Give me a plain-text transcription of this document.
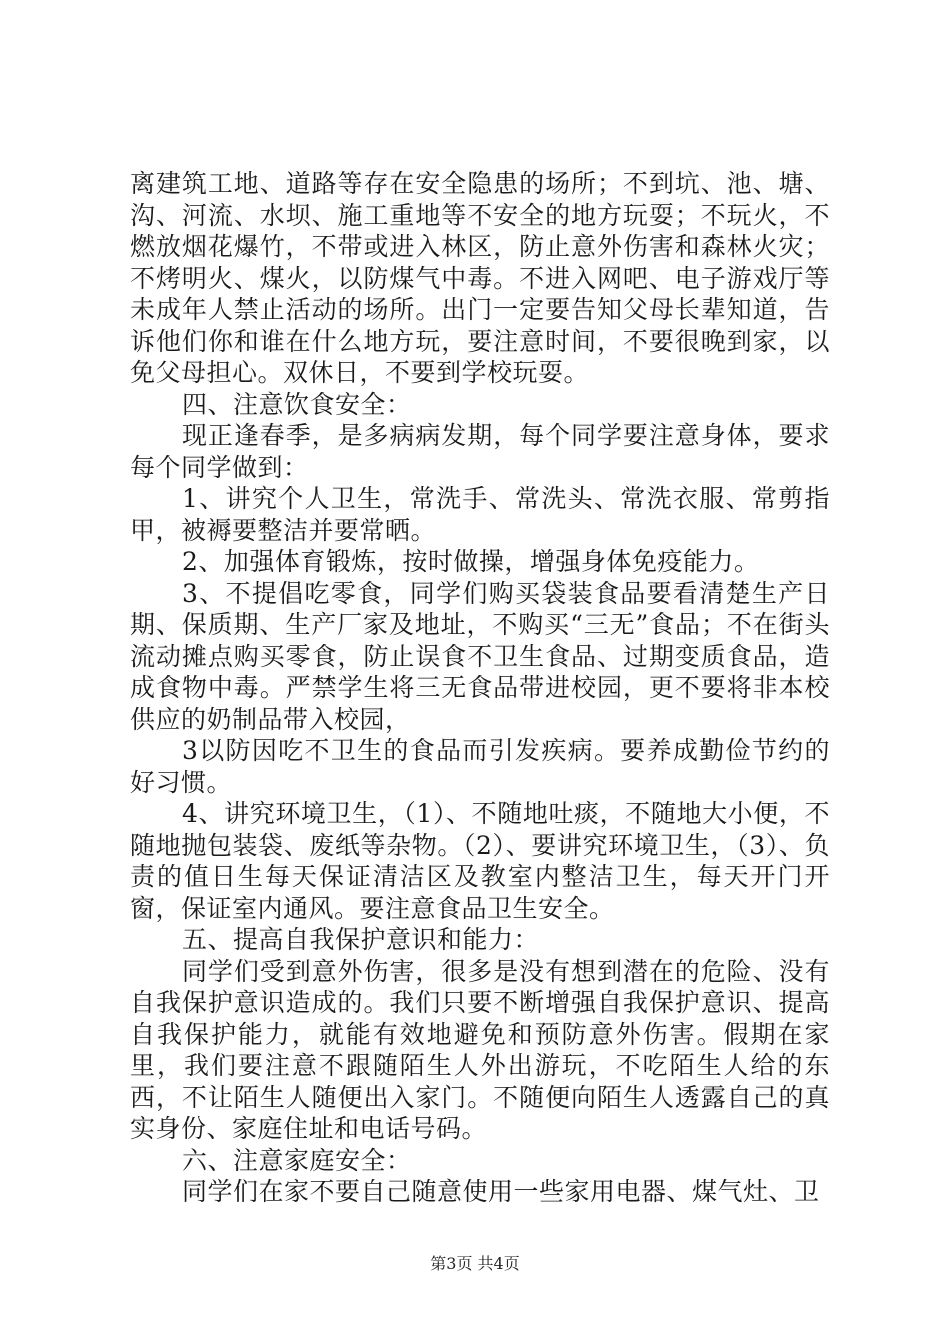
离建筑工地、道路等存在安全隐患的场所；不到坑、池、塘、沟、河流、水坝、施工重地等不安全的地方玩耍；不玩火，不燃放烟花爆竹，不带或进入林区，防止意外伤害和森林火灾；不烤明火、煤火，以防煤气中毒。不进入网吧、电子游戏厅等未成年人禁止活动的场所。出门一定要告知父母长辈知道，告诉他们你和谁在什么地方玩，要注意时间，不要很晚到家，以免父母担心。双休日，不要到学校玩耍。

四、注意饮食安全：

现正逢春季，是多病病发期，每个同学要注意身体，要求每个同学做到：

1、讲究个人卫生，常洗手、常洗头、常洗衣服、常剪指甲，被褥要整洁并要常晒。

2、加强体育锻炼，按时做操，增强身体免疫能力。

3、不提倡吃零食，同学们购买袋装食品要看清楚生产日期、保质期、生产厂家及地址，不购买“三无”食品；不在街头流动摊点购买零食，防止误食不卫生食品、过期变质食品，造成食物中毒。严禁学生将三无食品带进校园，更不要将非本校供应的奶制品带入校园，

3以防因吃不卫生的食品而引发疾病。要养成勤俭节约的好习惯。

4、讲究环境卫生，（1）、不随地吐痰，不随地大小便，不随地抛包装袋、废纸等杂物。（2）、要讲究环境卫生，（3）、负责的值日生每天保证清洁区及教室内整洁卫生，每天开门开窗，保证室内通风。要注意食品卫生安全。

五、提高自我保护意识和能力：

同学们受到意外伤害，很多是没有想到潜在的危险、没有自我保护意识造成的。我们只要不断增强自我保护意识、提高自我保护能力，就能有效地避免和预防意外伤害。假期在家里，我们要注意不跟随陌生人外出游玩，不吃陌生人给的东西，不让陌生人随便出入家门。不随便向陌生人透露自己的真实身份、家庭住址和电话号码。

六、注意家庭安全：

同学们在家不要自己随意使用一些家用电器、煤气灶、卫

第3页 共4页
